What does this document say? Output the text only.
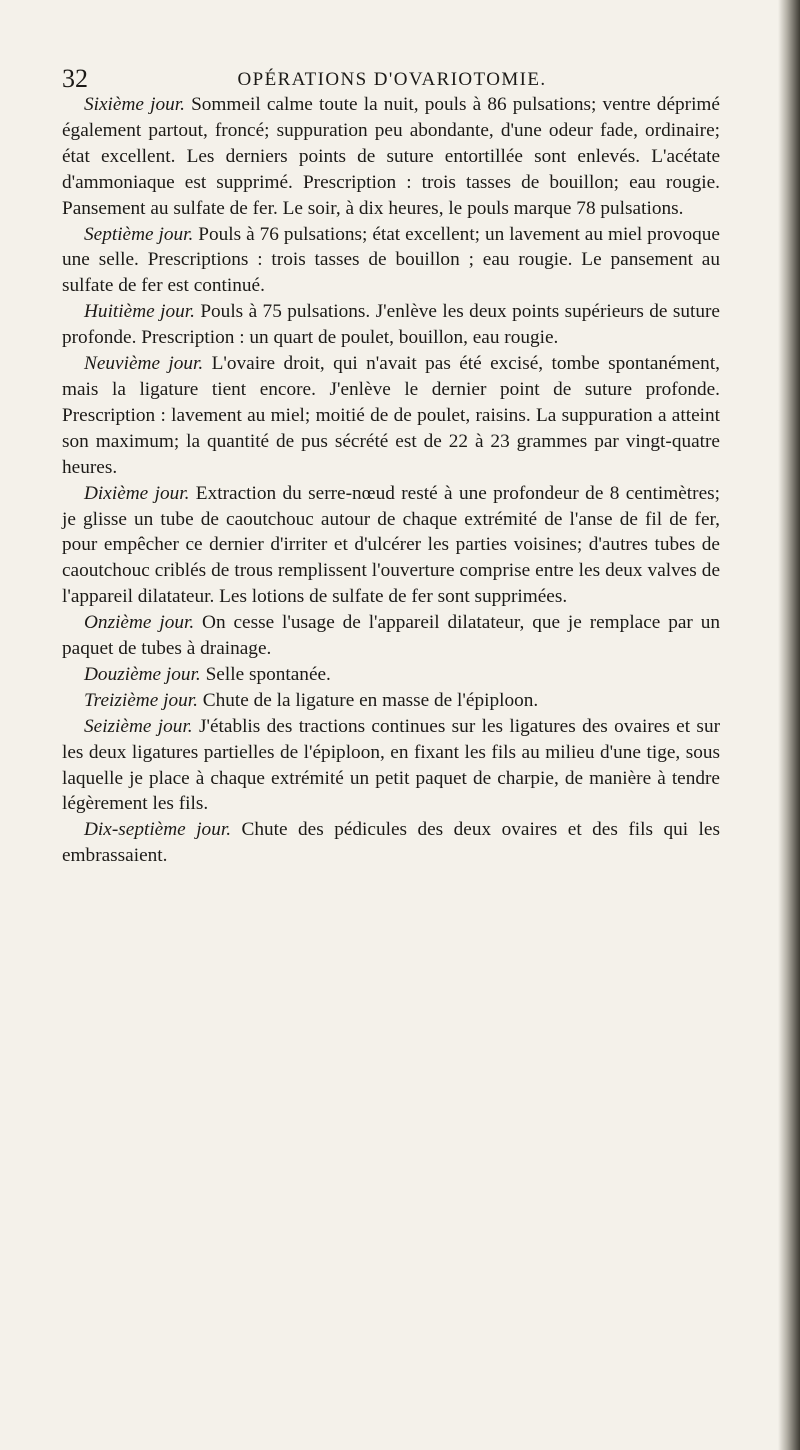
32	OPÉRATIONS D'OVARIOTOMIE.

Sixième jour. Sommeil calme toute la nuit, pouls à 86 pulsations; ventre déprimé également partout, froncé; suppuration peu abondante, d'une odeur fade, ordinaire; état excellent. Les derniers points de suture entortillée sont enlevés. L'acétate d'ammoniaque est supprimé. Prescription : trois tasses de bouillon; eau rougie. Pansement au sulfate de fer. Le soir, à dix heures, le pouls marque 78 pulsations.

Septième jour. Pouls à 76 pulsations; état excellent; un lavement au miel provoque une selle. Prescriptions : trois tasses de bouillon ; eau rougie. Le pansement au sulfate de fer est continué.

Huitième jour. Pouls à 75 pulsations. J'enlève les deux points supérieurs de suture profonde. Prescription : un quart de poulet, bouillon, eau rougie.

Neuvième jour. L'ovaire droit, qui n'avait pas été excisé, tombe spontanément, mais la ligature tient encore. J'enlève le dernier point de suture profonde. Prescription : lavement au miel; moitié de de poulet, raisins. La suppuration a atteint son maximum; la quantité de pus sécrété est de 22 à 23 grammes par vingt-quatre heures.

Dixième jour. Extraction du serre-nœud resté à une profondeur de 8 centimètres; je glisse un tube de caoutchouc autour de chaque extrémité de l'anse de fil de fer, pour empêcher ce dernier d'irriter et d'ulcérer les parties voisines; d'autres tubes de caoutchouc criblés de trous remplissent l'ouverture comprise entre les deux valves de l'appareil dilatateur. Les lotions de sulfate de fer sont supprimées.

Onzième jour. On cesse l'usage de l'appareil dilatateur, que je remplace par un paquet de tubes à drainage.

Douzième jour. Selle spontanée.

Treizième jour. Chute de la ligature en masse de l'épiploon.

Seizième jour. J'établis des tractions continues sur les ligatures des ovaires et sur les deux ligatures partielles de l'épiploon, en fixant les fils au milieu d'une tige, sous laquelle je place à chaque extrémité un petit paquet de charpie, de manière à tendre légèrement les fils.

Dix-septième jour. Chute des pédicules des deux ovaires et des fils qui les embrassaient.
